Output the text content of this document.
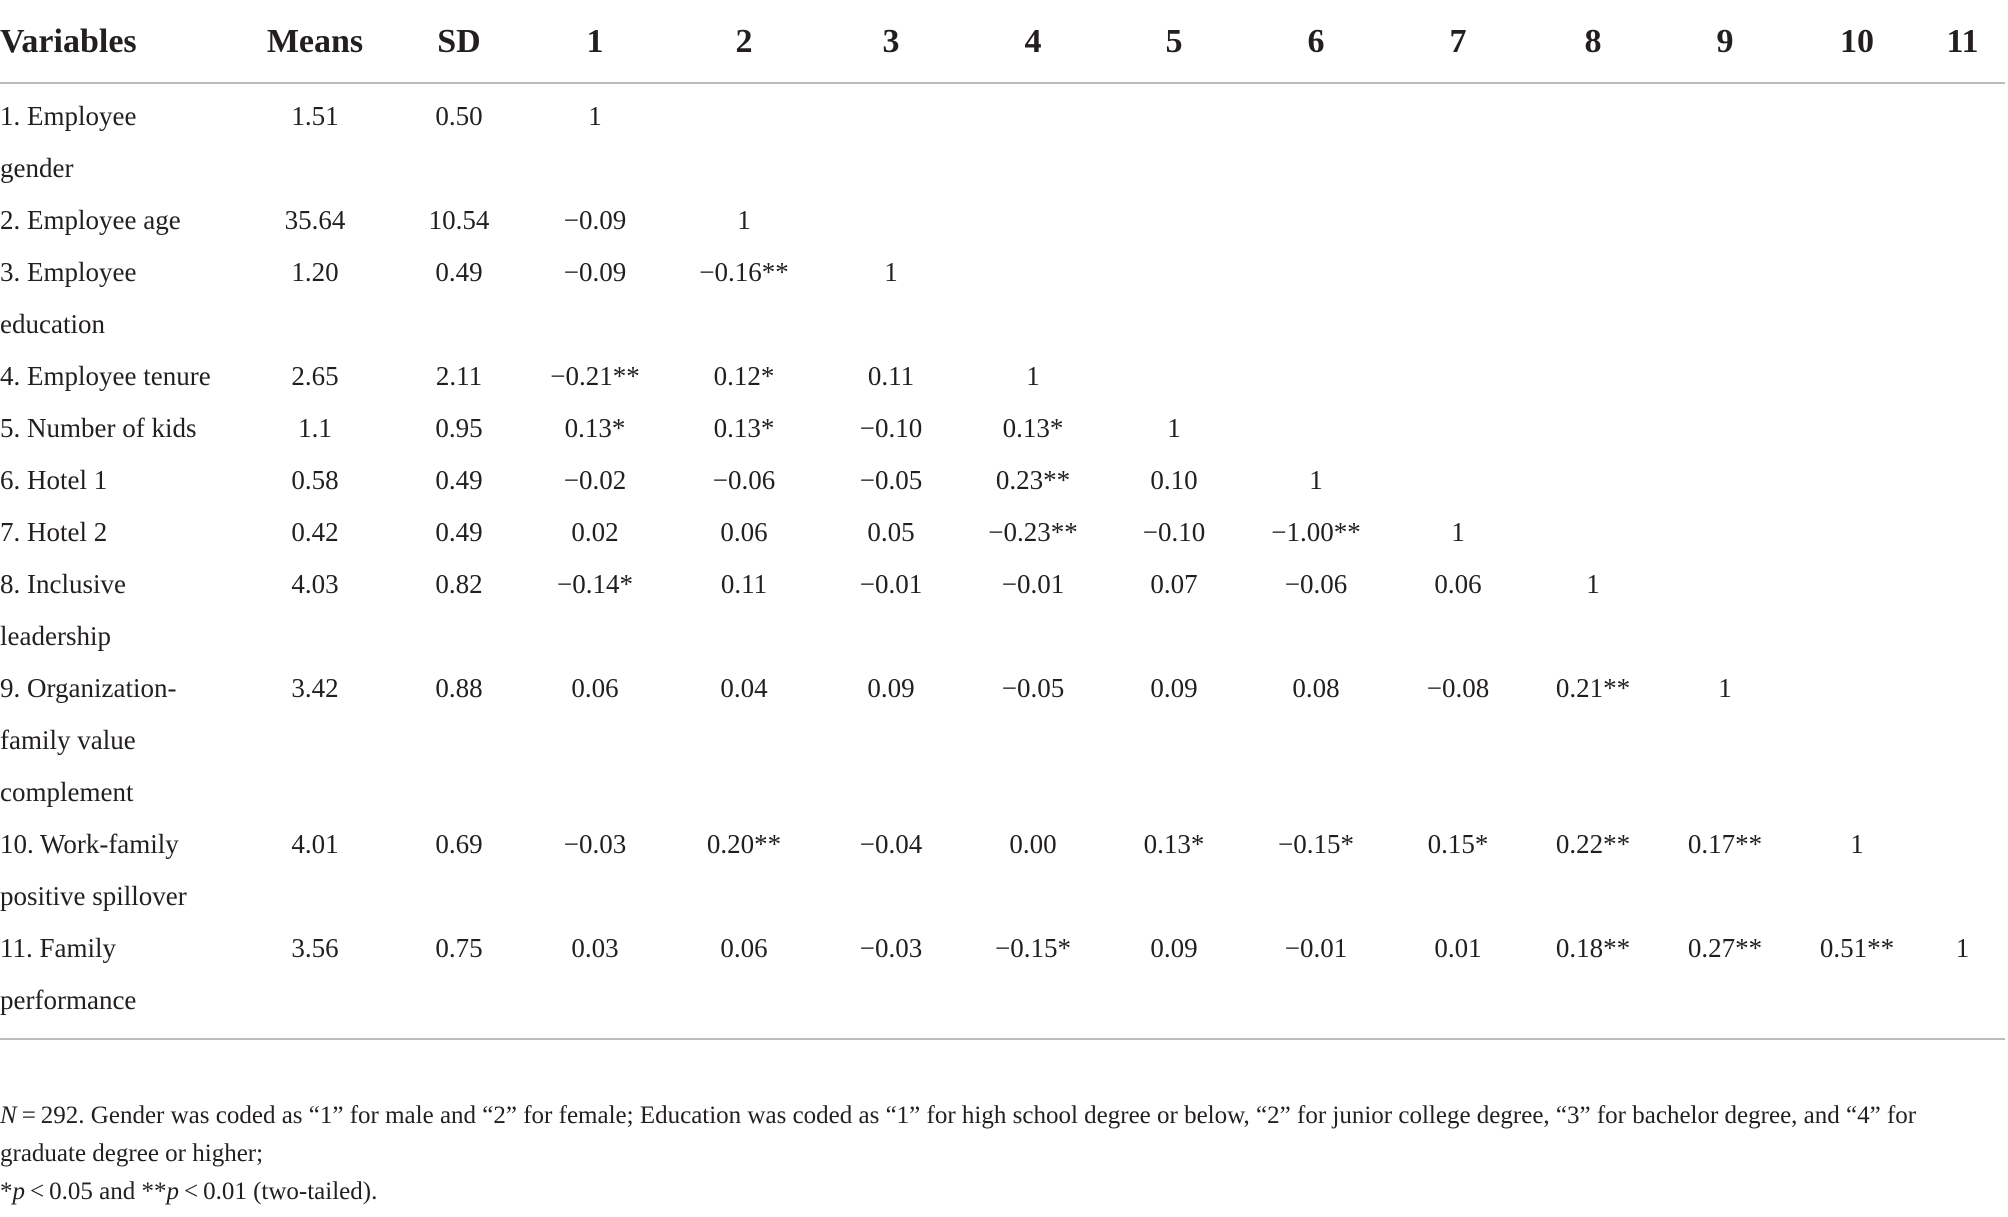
Variables	Means	SD	1	2	3	4	5	6	7	8	9	10	11

1. Employee
gender	1.51	0.50	1										

2. Employee age	35.64	10.54	−0.09	1									

3. Employee
education	1.20	0.49	−0.09	−0.16**	1								

4. Employee tenure	2.65	2.11	−0.21**	0.12*	0.11	1							

5. Number of kids	1.1	0.95	0.13*	0.13*	−0.10	0.13*	1						

6. Hotel 1	0.58	0.49	−0.02	−0.06	−0.05	0.23**	0.10	1					

7. Hotel 2	0.42	0.49	0.02	0.06	0.05	−0.23**	−0.10	−1.00**	1				

8. Inclusive
leadership	4.03	0.82	−0.14*	0.11	−0.01	−0.01	0.07	−0.06	0.06	1			

9. Organization-
family value
complement	3.42	0.88	0.06	0.04	0.09	−0.05	0.09	0.08	−0.08	0.21**	1		

10. Work-family
positive spillover	4.01	0.69	−0.03	0.20**	−0.04	0.00	0.13*	−0.15*	0.15*	0.22**	0.17**	1	

11. Family
performance	3.56	0.75	0.03	0.06	−0.03	−0.15*	0.09	−0.01	0.01	0.18**	0.27**	0.51**	1

N = 292. Gender was coded as “1” for male and “2” for female; Education was coded as “1” for high school degree or below, “2” for junior college degree, “3” for bachelor degree, and “4” for graduate degree or higher;

*p < 0.05 and **p < 0.01 (two-tailed).
